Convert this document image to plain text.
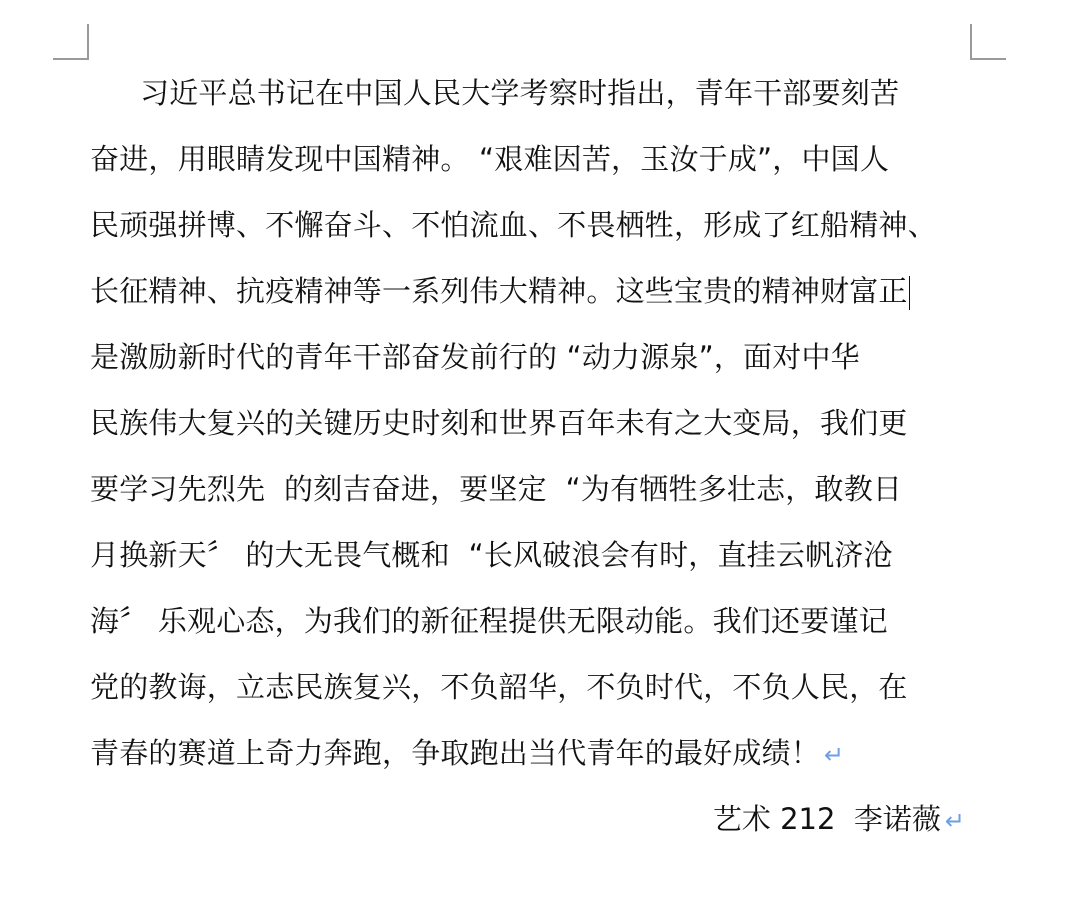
习近平总书记在中国人民大学考察时指出，青年干部要刻苦
奋进，用眼睛发现中国精神。 “艰难因苦，玉汝于成”，中国人
民顽强拼博、不懈奋斗、不怕流血、不畏栖牲，形成了红船精神、
长征精神、抗疫精神等一系列伟大精神。这些宝贵的精神财富正
是激励新时代的青年干部奋发前行的 “动力源泉”，面对中华
民族伟大复兴的关键历史时刻和世界百年未有之大变局，我们更
要学习先烈先  的刻吉奋进，要坚定  “为有牺牲多壮志，敢教日
月换新天〞 的大无畏气概和  “长风破浪会有时，直挂云帆济沧
海〞 乐观心态，为我们的新征程提供无限动能。我们还要谨记
党的教诲，立志民族复兴，不负韶华，不负时代，不负人民，在
青春的赛道上奇力奔跑，争取跑出当代青年的最好成绩！ ↵
艺术 212  李诺薇 ↵
